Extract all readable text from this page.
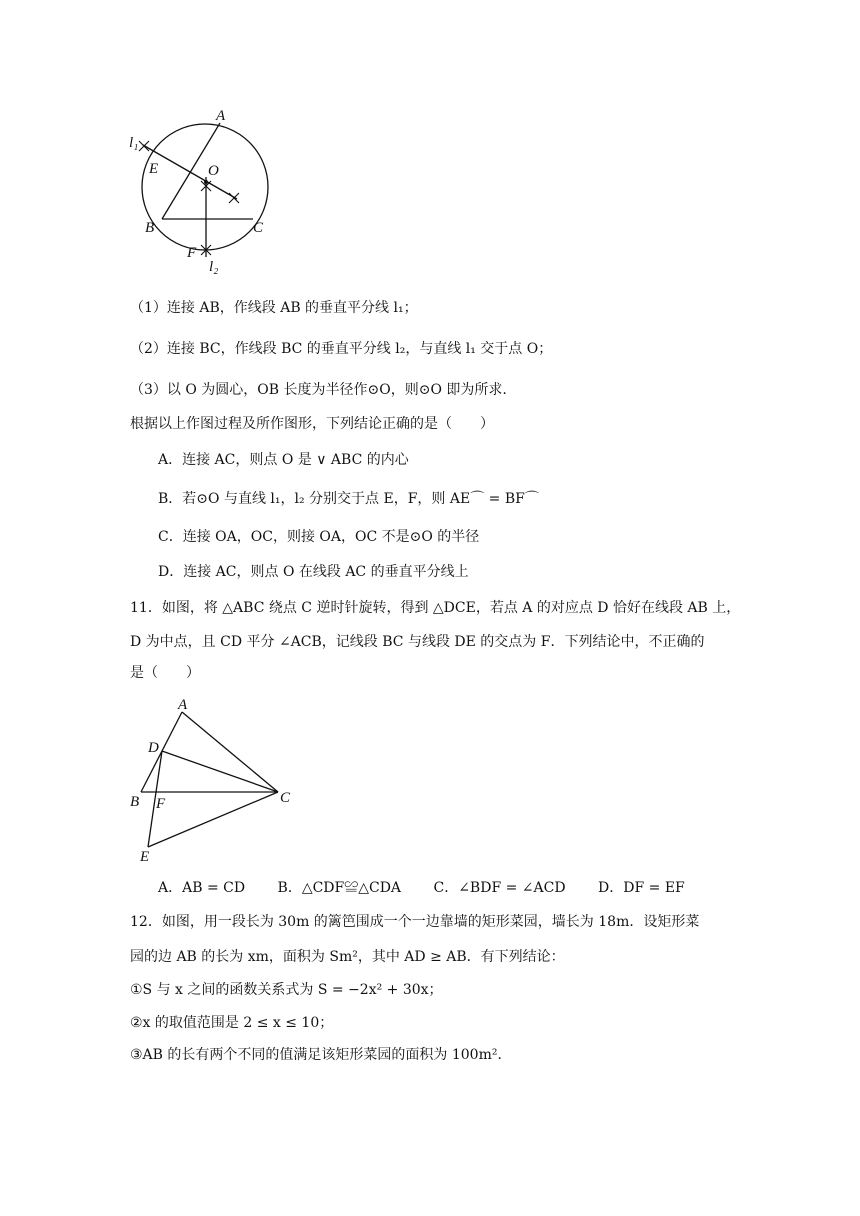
A
B	C
E
F
O
l₁
l₂
（1）连接 AB，作线段 AB 的垂直平分线 l₁；
（2）连接 BC，作线段 BC 的垂直平分线 l₂，与直线 l₁ 交于点 O；
（3）以 O 为圆心，OB 长度为半径作⊙O，则⊙O 即为所求.
根据以上作图过程及所作图形，下列结论正确的是（　　）
A．连接 AC，则点 O 是 ∨ ABC 的内心
B．若⊙O 与直线 l₁，l₂ 分别交于点 E，F，则 AE⌒ = BF⌒
C．连接 OA，OC，则接 OA，OC 不是⊙O 的半径
D．连接 AC，则点 O 在线段 AC 的垂直平分线上
11．如图，将 △ABC 绕点 C 逆时针旋转，得到 △DCE，若点 A 的对应点 D 恰好在线段 AB 上，
D 为中点，且 CD 平分 ∠ACB，记线段 BC 与线段 DE 的交点为 F．下列结论中，不正确的
是（　　）
A
B	C
D
E
F
A．AB = CD　　 B．△CDF≌△CDA　　 C．∠BDF = ∠ACD　　 D．DF = EF
12．如图，用一段长为 30m 的篱笆围成一个一边靠墙的矩形菜园，墙长为 18m．设矩形菜
园的边 AB 的长为 xm，面积为 Sm²，其中 AD ≥ AB．有下列结论：
①S 与 x 之间的函数关系式为 S = −2x² + 30x；
②x 的取值范围是 2 ≤ x ≤ 10；
③AB 的长有两个不同的值满足该矩形菜园的面积为 100m²．
